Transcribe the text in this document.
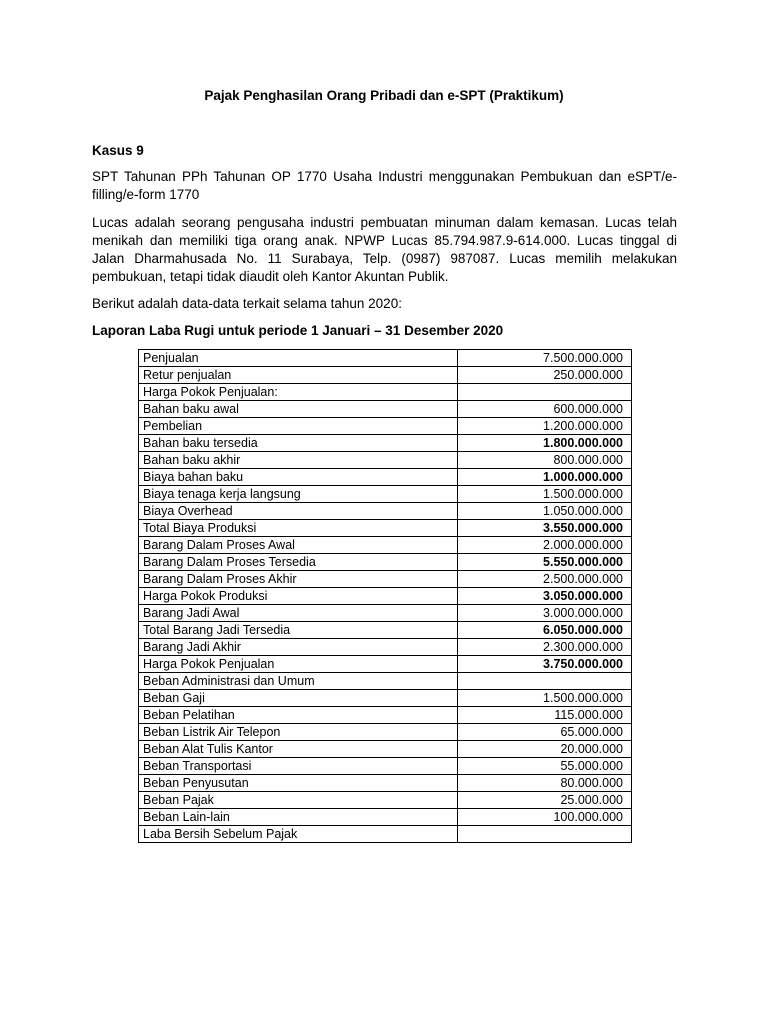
Pajak Penghasilan Orang Pribadi dan e-SPT (Praktikum)
Kasus 9
SPT Tahunan PPh Tahunan OP 1770 Usaha Industri menggunakan Pembukuan dan eSPT/e-filling/e-form 1770
Lucas adalah seorang pengusaha industri pembuatan minuman dalam kemasan. Lucas telah menikah dan memiliki tiga orang anak. NPWP Lucas 85.794.987.9-614.000. Lucas tinggal di Jalan Dharmahusada No. 11 Surabaya, Telp. (0987) 987087. Lucas memilih melakukan pembukuan, tetapi tidak diaudit oleh Kantor Akuntan Publik.
Berikut adalah data-data terkait selama tahun 2020:
Laporan Laba Rugi untuk periode 1 Januari – 31 Desember 2020
Penjualan	7.500.000.000
Retur penjualan	250.000.000
Harga Pokok Penjualan:	
Bahan baku awal	600.000.000
Pembelian	1.200.000.000
Bahan baku tersedia	1.800.000.000
Bahan baku akhir	800.000.000
Biaya bahan baku	1.000.000.000
Biaya tenaga kerja langsung	1.500.000.000
Biaya Overhead	1.050.000.000
Total Biaya Produksi	3.550.000.000
Barang Dalam Proses Awal	2.000.000.000
Barang Dalam Proses Tersedia	5.550.000.000
Barang Dalam Proses Akhir	2.500.000.000
Harga Pokok Produksi	3.050.000.000
Barang Jadi Awal	3.000.000.000
Total Barang Jadi Tersedia	6.050.000.000
Barang Jadi Akhir	2.300.000.000
Harga Pokok Penjualan	3.750.000.000
Beban Administrasi dan Umum	
Beban Gaji	1.500.000.000
Beban Pelatihan	115.000.000
Beban Listrik Air Telepon	65.000.000
Beban Alat Tulis Kantor	20.000.000
Beban Transportasi	55.000.000
Beban Penyusutan	80.000.000
Beban Pajak	25.000.000
Beban Lain-lain	100.000.000
Laba Bersih Sebelum Pajak	
